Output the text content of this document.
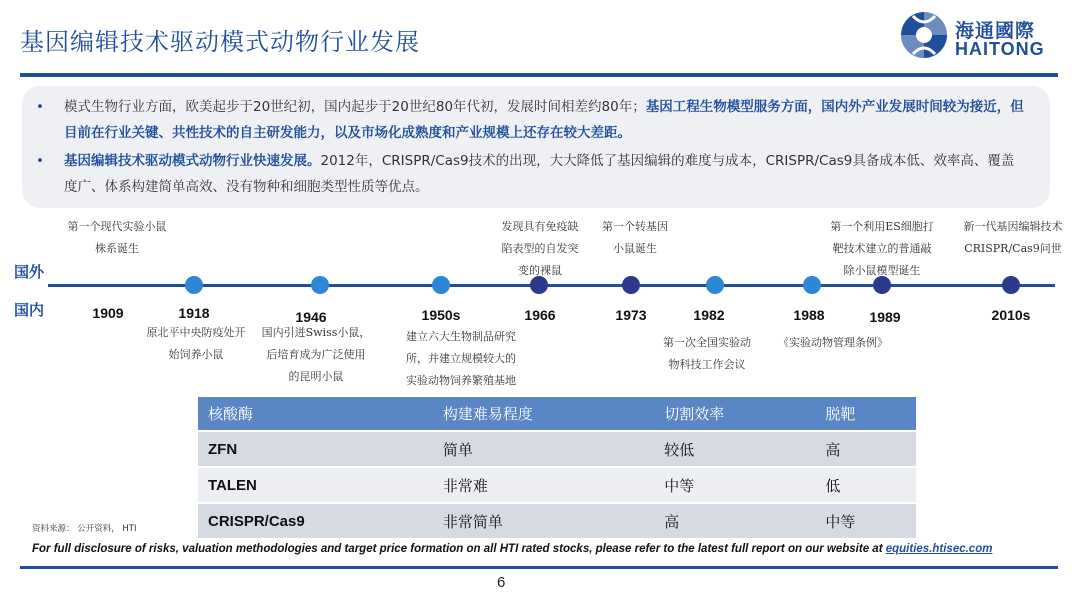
基因编辑技术驱动模式动物行业发展	海通國際
HAITONG
• 模式生物行业方面，欧美起步于20世纪初，国内起步于20世纪80年代初，发展时间相差约80年；基因工程生物模型服务方面，国内外产业发展时间较为接近，但目前在行业关键、共性技术的自主研发能力，以及市场化成熟度和产业规模上还存在较大差距。
• 基因编辑技术驱动模式动物行业快速发展。2012年，CRISPR/Cas9技术的出现，大大降低了基因编辑的难度与成本，CRISPR/Cas9具备成本低、效率高、覆盖度广、体系构建简单高效、没有物种和细胞类型性质等优点。
国外
国内	1909	1918	1946	1950s	1966	1973	1982	1988	1989	2010s
第一个现代实验小鼠
株系诞生
发现具有免疫缺
陷表型的自发突
变的裸鼠
第一个转基因
小鼠诞生
第一个利用ES细胞打
靶技术建立的普通敲
除小鼠模型诞生
新一代基因编辑技术
CRISPR/Cas9问世
原北平中央防疫处开
始饲养小鼠
国内引进Swiss小鼠，
后培育成为广泛使用
的昆明小鼠
建立六大生物制品研究
所，并建立规模较大的
实验动物饲养繁殖基地
第一次全国实验动
物科技工作会议
《实验动物管理条例》
核酸酶	构建难易程度	切割效率	脱靶
ZFN	简单	较低	高
TALEN	非常难	中等	低
CRISPR/Cas9	非常简单	高	中等
资料来源： 公开资料， HTI
For full disclosure of risks, valuation methodologies and target price formation on all HTI rated stocks, please refer to the latest full report on our website at equities.htisec.com
6
